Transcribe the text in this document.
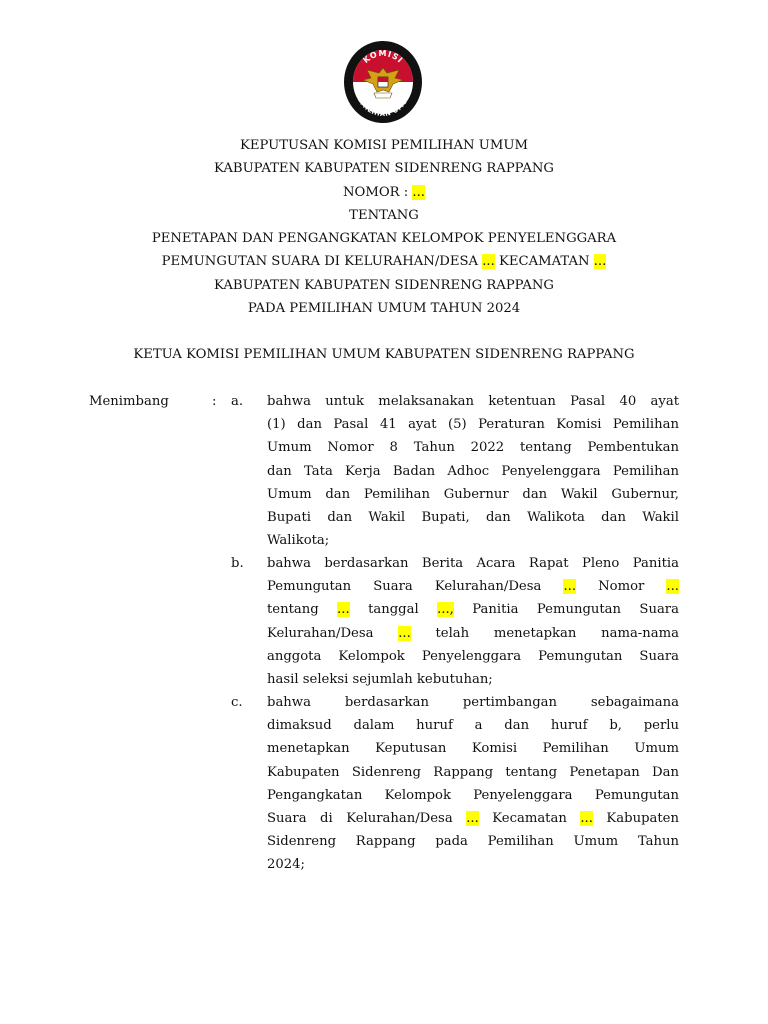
KOMISI
PEMILIHAN UMUM
KEPUTUSAN KOMISI PEMILIHAN UMUM
KABUPATEN KABUPATEN SIDENRENG RAPPANG
NOMOR : ...
TENTANG
PENETAPAN DAN PENGANGKATAN KELOMPOK PENYELENGGARA
PEMUNGUTAN SUARA DI KELURAHAN/DESA ... KECAMATAN ...
KABUPATEN KABUPATEN SIDENRENG RAPPANG
PADA PEMILIHAN UMUM TAHUN 2024
KETUA KOMISI PEMILIHAN UMUM KABUPATEN SIDENRENG RAPPANG
Menimbang	: a. bahwa untuk melaksanakan ketentuan Pasal 40 ayat
(1) dan Pasal 41 ayat (5) Peraturan Komisi Pemilihan
Umum Nomor 8 Tahun 2022 tentang Pembentukan
dan Tata Kerja Badan Adhoc Penyelenggara Pemilihan
Umum dan Pemilihan Gubernur dan Wakil Gubernur,
Bupati dan Wakil Bupati, dan Walikota dan Wakil
Walikota;
b. bahwa berdasarkan Berita Acara Rapat Pleno Panitia
Pemungutan Suara Kelurahan/Desa ... Nomor ...
tentang ... tanggal ..., Panitia Pemungutan Suara
Kelurahan/Desa ... telah menetapkan nama-nama
anggota Kelompok Penyelenggara Pemungutan Suara
hasil seleksi sejumlah kebutuhan;
c. bahwa berdasarkan pertimbangan sebagaimana
dimaksud dalam huruf a dan huruf b, perlu
menetapkan Keputusan Komisi Pemilihan Umum
Kabupaten Sidenreng Rappang tentang Penetapan Dan
Pengangkatan Kelompok Penyelenggara Pemungutan
Suara di Kelurahan/Desa ... Kecamatan ... Kabupaten
Sidenreng Rappang pada Pemilihan Umum Tahun
2024;
